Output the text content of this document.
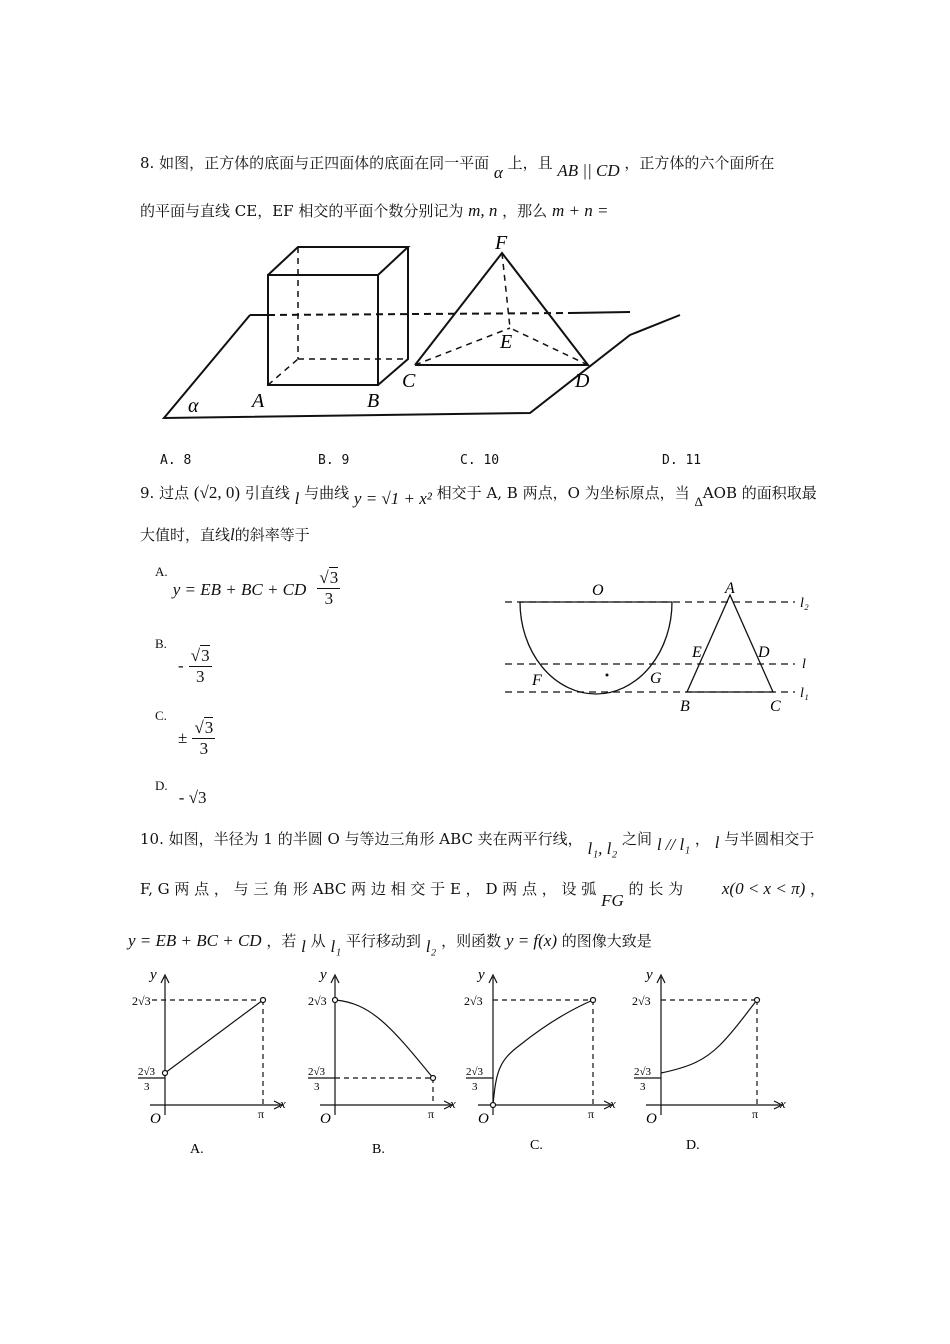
8. 如图，正方体的底面与正四面体的底面在同一平面 α 上，且 AB || CD ，正方体的六个面所在
的平面与直线 CE，EF 相交的平面个数分别记为 m, n ，那么 m + n =
F
E
C	D
A	B
α
A. 8	B. 9	C. 10	D. 11
9. 过点 (√2, 0) 引直线 l 与曲线 y = √1 + x² 相交于 A, B 两点，O 为坐标原点，当 ΔAOB 的面积取最
大值时，直线l的斜率等于
$^{A.}$ y = EB + BC + CD $\frac{√3}{3}$
$^{B.} - \frac{√3}{3}$
$^{C.} \pm \frac{√3}{3}$
$^{D.}$ - √3
O	A
E	D
F	G
B	C
l₂
l
l₁
10. 如图，半径为 1 的半圆 O 与等边三角形 ABC 夹在两平行线， l₁, l₂ 之间 l // l₁ ， l 与半圆相交于
F, G 两 点 ， 与 三 角 形 ABC 两 边 相 交 于 E ， D 两 点 ， 设 弧 FG 的 长 为 x(0 < x < π) ，
y = EB + BC + CD ，若 l 从 l₁ 平行移动到 l₂ ，则函数 y = f(x) 的图像大致是
y
x
O	π
2√3
2√3
3
A.
y
x
O	π
2√3
2√3
3
B.
y
x
O	π
2√3
2√3
3
C.
y
x
O	π
2√3
2√3
3
D.
